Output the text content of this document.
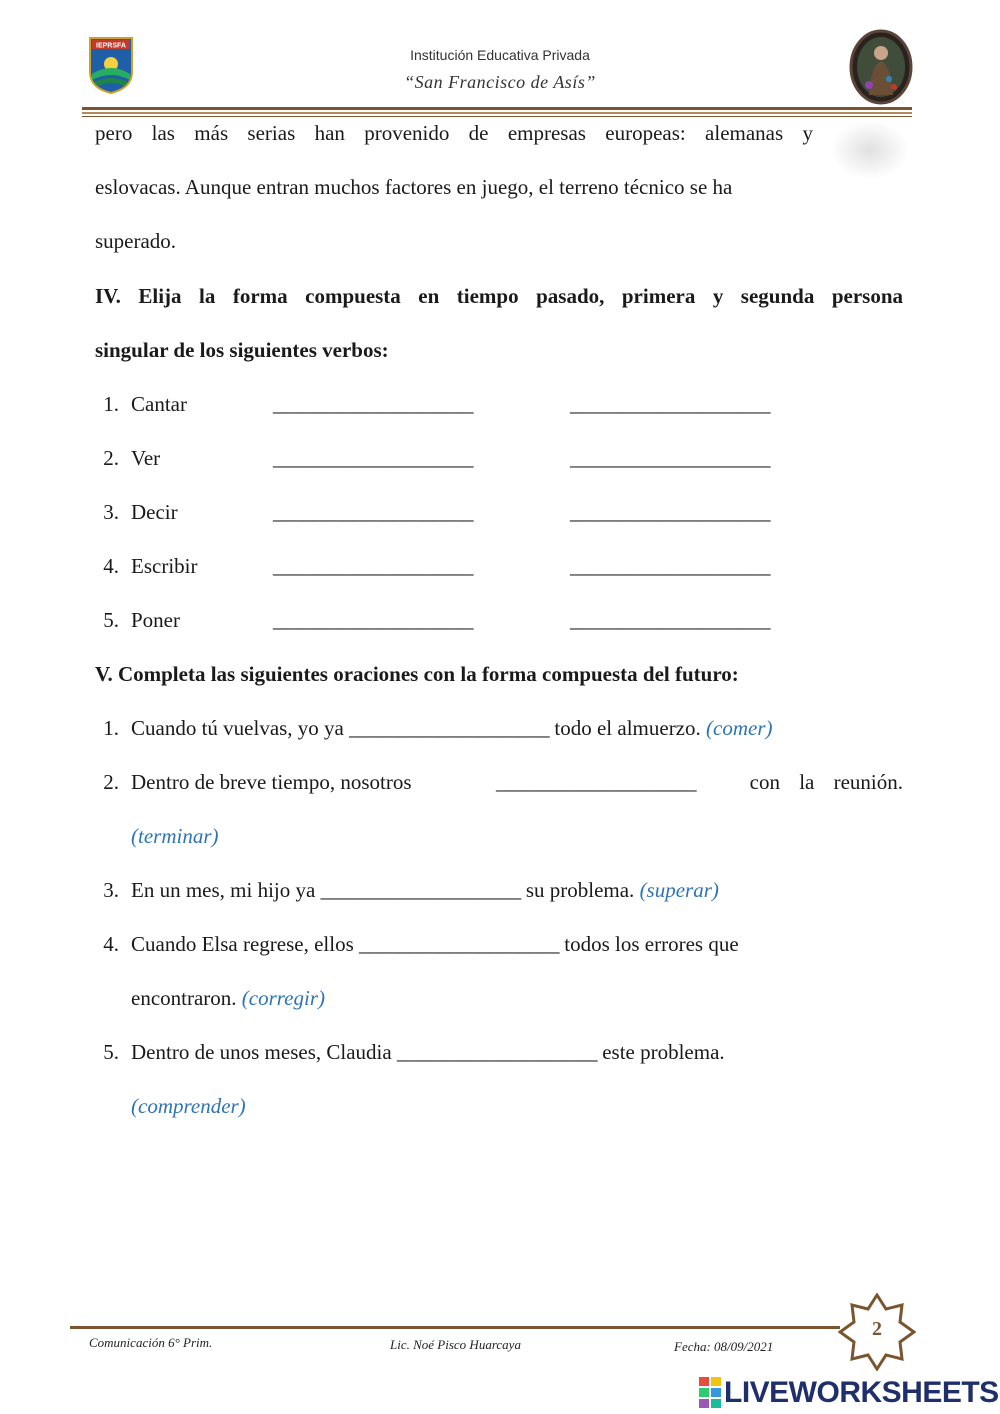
IEPRSFA
Institución Educativa Privada
“San Francisco de Asís”
pero las más serias han provenido de empresas europeas: alemanas y
eslovacas. Aunque entran muchos factores en juego, el terreno técnico se ha
superado.
IV. Elija la forma compuesta en tiempo pasado, primera y segunda persona
singular de los siguientes verbos:
1. Cantar	____________________	____________________
2. Ver	____________________	____________________
3. Decir	____________________	____________________
4. Escribir	____________________	____________________
5. Poner	____________________	____________________
V. Completa las siguientes oraciones con la forma compuesta del futuro:
1. Cuando tú vuelvas, yo ya ____________________ todo el almuerzo. (comer)
2. Dentro de breve tiempo, nosotros	____________________	con la reunión.
(terminar)
3. En un mes, mi hijo ya ____________________ su problema. (superar)
4. Cuando Elsa regrese, ellos ____________________ todos los errores que
encontraron. (corregir)
5. Dentro de unos meses, Claudia ____________________ este problema.
(comprender)
Comunicación 6° Prim.	Lic. Noé Pisco Huarcaya	Fecha: 08/09/2021
2
LIVEWORKSHEETS
